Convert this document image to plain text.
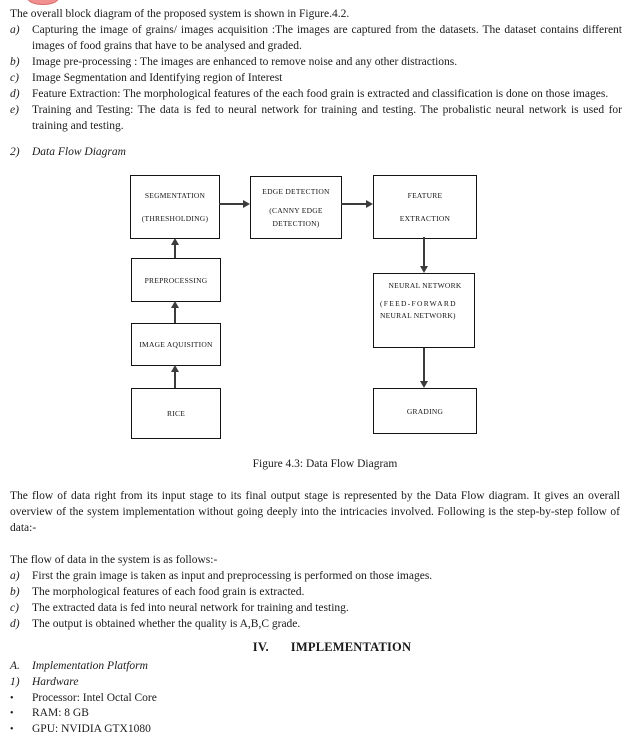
The overall block diagram of the proposed system is shown in Figure.4.2.
a)	Capturing the image of grains/ images acquisition :The images are captured from the datasets. The dataset contains different images of food grains that have to be analysed and graded.
b)	Image pre-processing : The images are enhanced to remove noise and any other distractions.
c)	Image Segmentation and Identifying region of Interest
d)	Feature Extraction: The morphological features of the each food grain is extracted and classification is done on those images.
e)	Training and Testing: The data is fed to neural network for training and testing. The probalistic neural network is used for training and testing.
2)	Data Flow Diagram
SEGMENTATION
(THRESHOLDING)
EDGE DETECTION
(CANNY EDGE
DETECTION)
FEATURE
EXTRACTION
PREPROCESSING
IMAGE AQUISITION
RICE
NEURAL NETWORK
(FEED-FORWARD
NEURAL NETWORK)
GRADING
Figure 4.3: Data Flow Diagram
The flow of data right from its input stage to its final output stage is represented by the Data Flow diagram. It gives an overall overview of the system implementation without going deeply into the intricacies involved. Following is the step-by-step follow of data:-
The flow of data in the system is as follows:-
a)	First the grain image is taken as input and preprocessing is performed on those images.
b)	The morphological features of each food grain is extracted.
c)	The extracted data is fed into neural network for training and testing.
d)	The output is obtained whether the quality is A,B,C grade.
IV. IMPLEMENTATION
A.	Implementation Platform
1)	Hardware
•	Processor: Intel Octal Core
•	RAM: 8 GB
•	GPU: NVIDIA GTX1080
